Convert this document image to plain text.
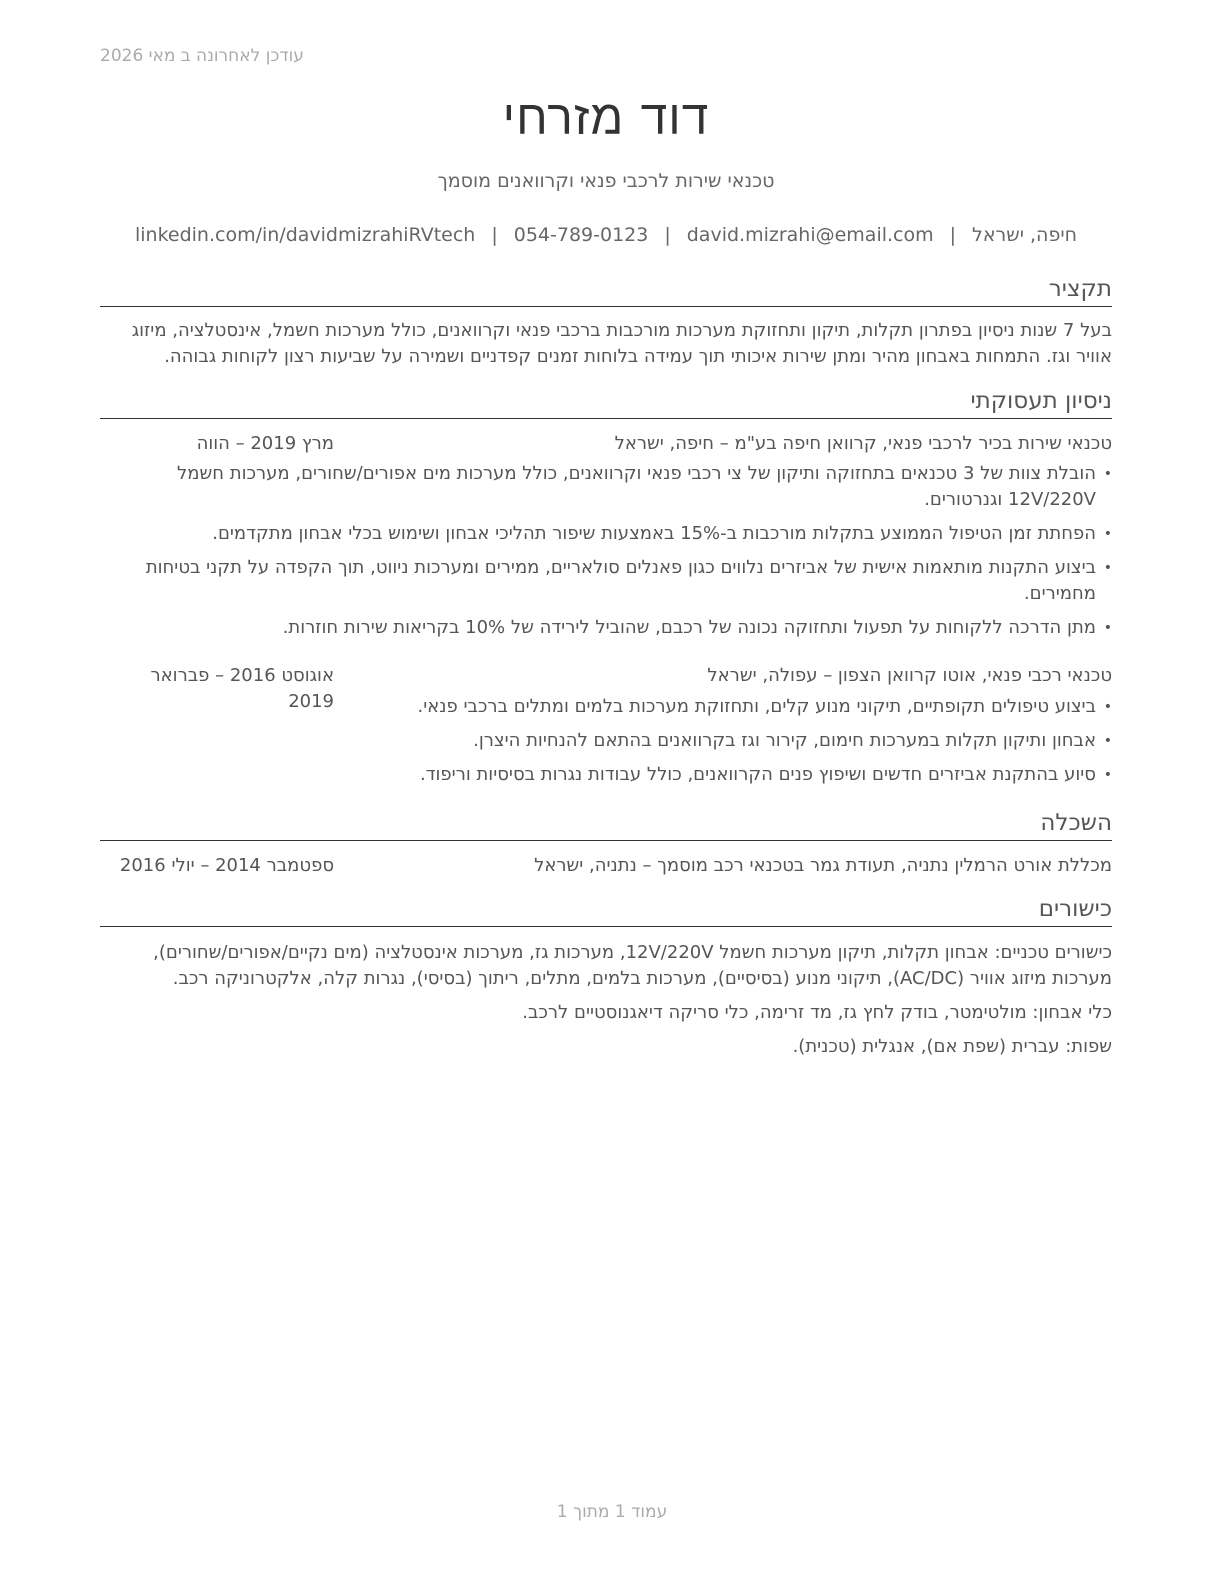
עודכן לאחרונה ב מאי 2026
דוד מזרחי
טכנאי שירות לרכבי פנאי וקרוואנים מוסמך
חיפה, ישראל|david.mizrahi@email.com|054-789-0123|linkedin.com/in/davidmizrahiRVtech
תקציר
בעל 7 שנות ניסיון בפתרון תקלות, תיקון ותחזוקת מערכות מורכבות ברכבי פנאי וקרוואנים, כולל מערכות חשמל, אינסטלציה, מיזוג אוויר וגז. התמחות באבחון מהיר ומתן שירות איכותי תוך עמידה בלוחות זמנים קפדניים ושמירה על שביעות רצון לקוחות גבוהה.
ניסיון תעסוקתי
טכנאי שירות בכיר לרכבי פנאי, קרוואן חיפה בע"מ – חיפה, ישראל
מרץ 2019 – הווה
• הובלת צוות של 3 טכנאים בתחזוקה ותיקון של צי רכבי פנאי וקרוואנים, כולל מערכות מים אפורים/שחורים, מערכות חשמל 12V/220V וגנרטורים.
• הפחתת זמן הטיפול הממוצע בתקלות מורכבות ב-15% באמצעות שיפור תהליכי אבחון ושימוש בכלי אבחון מתקדמים.
• ביצוע התקנות מותאמות אישית של אביזרים נלווים כגון פאנלים סולאריים, ממירים ומערכות ניווט, תוך הקפדה על תקני בטיחות מחמירים.
• מתן הדרכה ללקוחות על תפעול ותחזוקה נכונה של רכבם, שהוביל לירידה של 10% בקריאות שירות חוזרות.
טכנאי רכבי פנאי, אוטו קרוואן הצפון – עפולה, ישראל
אוגוסט 2016 – פברואר 2019
•	ביצוע טיפולים תקופתיים, תיקוני מנוע קלים, ותחזוקת מערכות בלמים ומתלים ברכבי פנאי.
• אבחון ותיקון תקלות במערכות חימום, קירור וגז בקרוואנים בהתאם להנחיות היצרן.
• סיוע בהתקנת אביזרים חדשים ושיפוץ פנים הקרוואנים, כולל עבודות נגרות בסיסיות וריפוד.
השכלה
מכללת אורט הרמלין נתניה, תעודת גמר בטכנאי רכב מוסמך – נתניה, ישראל
ספטמבר 2014 – יולי 2016
כישורים
כישורים טכניים: אבחון תקלות, תיקון מערכות חשמל 12V/220V, מערכות גז, מערכות אינסטלציה (מים נקיים/אפורים/שחורים), מערכות מיזוג אוויר (AC/DC), תיקוני מנוע (בסיסיים), מערכות בלמים, מתלים, ריתוך (בסיסי), נגרות קלה, אלקטרוניקה רכב.
כלי אבחון: מולטימטר, בודק לחץ גז, מד זרימה, כלי סריקה דיאגנוסטיים לרכב.
שפות: עברית (שפת אם), אנגלית (טכנית).
עמוד 1 מתוך 1
